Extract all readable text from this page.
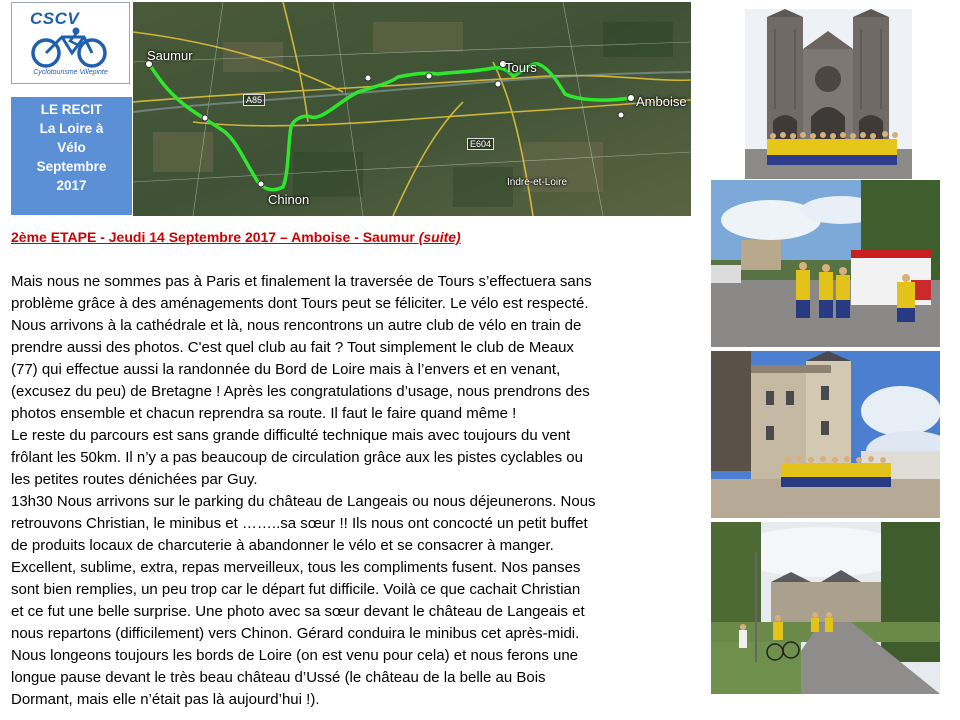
CSCV
Cyclotourisme Villepinte
LE RECIT
La Loire à
Vélo
Septembre
2017
Saumur
Tours
Amboise
Chinon
Indre-et-Loire
A85
E604
2ème ETAPE - Jeudi 14 Septembre 2017 – Amboise - Saumur (suite)

Mais nous ne sommes pas à Paris et finalement la traversée de Tours s’effectuera sans

problème grâce à des aménagements dont Tours peut se féliciter. Le vélo est respecté.

Nous arrivons à la cathédrale et là, nous rencontrons un autre club de vélo en train de

prendre aussi des photos. C'est quel club au fait ? Tout simplement le club de Meaux

(77) qui effectue aussi la randonnée du Bord de Loire mais à l’envers et en venant,

(excusez du peu) de Bretagne ! Après les congratulations d’usage, nous prendrons des

photos ensemble et chacun reprendra sa route. Il faut le faire quand même !

Le reste du parcours est sans grande difficulté technique mais avec toujours du vent

frôlant les 50km. Il n’y a pas beaucoup de circulation grâce aux les pistes cyclables ou

les petites routes dénichées par Guy.

13h30 Nous arrivons sur le parking du château de Langeais ou nous déjeunerons. Nous

retrouvons Christian, le minibus et ……..sa sœur !! Ils nous ont concocté un petit buffet

de produits locaux de charcuterie à abandonner le vélo et se consacrer à manger.

Excellent, sublime, extra, repas merveilleux, tous les compliments fusent. Nos panses

sont bien remplies, un peu trop car le départ fut difficile. Voilà ce que cachait Christian

et ce fut une belle surprise. Une photo avec sa sœur devant le château de Langeais et

nous repartons (difficilement) vers Chinon. Gérard conduira le minibus cet après-midi.

Nous longeons toujours les bords de Loire (on est venu pour cela) et nous ferons une

longue pause devant le très beau château d’Ussé (le château de la belle au Bois

Dormant, mais elle n’était pas là aujourd’hui !).
